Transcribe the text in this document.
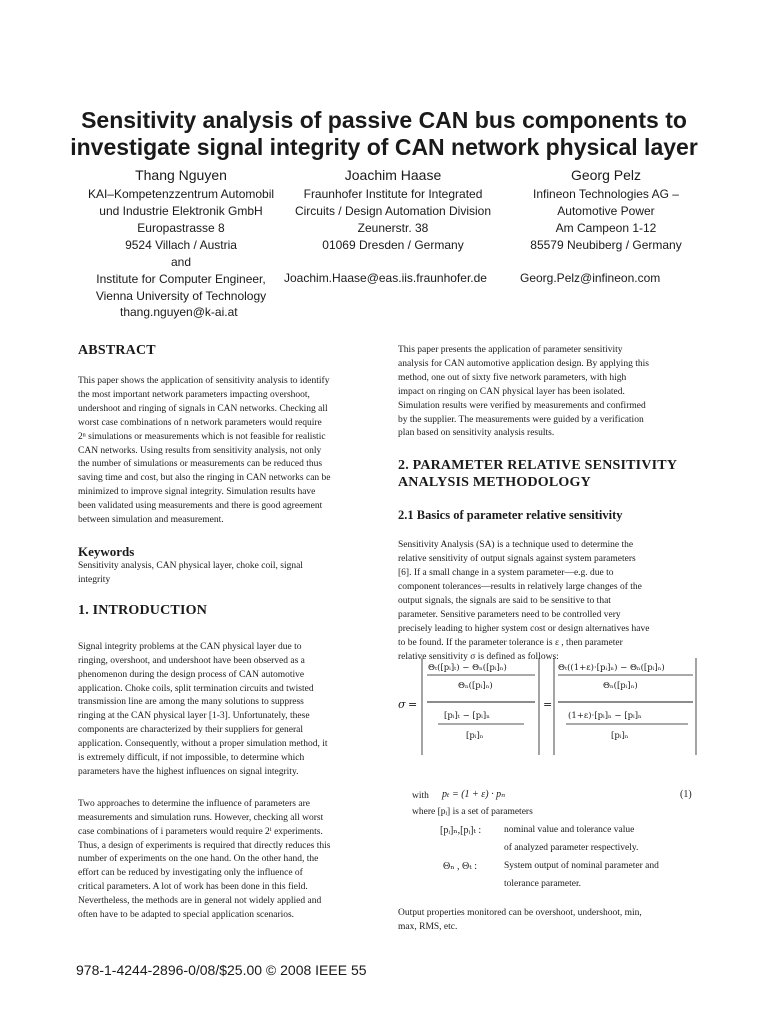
Sensitivity analysis of passive CAN bus components to
investigate signal integrity of CAN network physical layer
Thang Nguyen
KAI–Kompetenzzentrum Automobil
und Industrie Elektronik GmbH
Europastrasse 8
9524 Villach / Austria
and
Institute for Computer Engineer,
Vienna University of Technology
Joachim Haase
Fraunhofer Institute for Integrated
Circuits / Design Automation Division
Zeunerstr. 38
01069 Dresden / Germany
Georg Pelz
Infineon Technologies AG –
Automotive Power
Am Campeon 1-12
85579 Neubiberg / Germany
thang.nguyen@k-ai.at
Joachim.Haase@eas.iis.fraunhofer.de	Georg.Pelz@infineon.com
ABSTRACT
This paper shows the application of sensitivity analysis to identify
the most important network parameters impacting overshoot,
undershoot and ringing of signals in CAN networks. Checking all
worst case combinations of n network parameters would require
2ⁿ simulations or measurements which is not feasible for realistic
CAN networks. Using results from sensitivity analysis, not only
the number of simulations or measurements can be reduced thus
saving time and cost, but also the ringing in CAN networks can be
minimized to improve signal integrity. Simulation results have
been validated using measurements and there is good agreement
between simulation and measurement.
Keywords
Sensitivity analysis, CAN physical layer, choke coil, signal
integrity
1. INTRODUCTION
Signal integrity problems at the CAN physical layer due to
ringing, overshoot, and undershoot have been observed as a
phenomenon during the design process of CAN automotive
application. Choke coils, split termination circuits and twisted
transmission line are among the many solutions to suppress
ringing at the CAN physical layer [1-3]. Unfortunately, these
components are characterized by their suppliers for general
application. Consequently, without a proper simulation method, it
is extremely difficult, if not impossible, to determine which
parameters have the highest influences on signal integrity.
Two approaches to determine the influence of parameters are
measurements and simulation runs. However, checking all worst
case combinations of i parameters would require 2ⁱ experiments.
Thus, a design of experiments is required that directly reduces this
number of experiments on the one hand. On the other hand, the
effort can be reduced by investigating only the influence of
critical parameters. A lot of work has been done in this field.
Nevertheless, the methods are in general not widely applied and
often have to be adapted to special application scenarios.
This paper presents the application of parameter sensitivity
analysis for CAN automotive application design. By applying this
method, one out of sixty five network parameters, with high
impact on ringing on CAN physical layer has been isolated.
Simulation results were verified by measurements and confirmed
by the supplier. The measurements were guided by a verification
plan based on sensitivity analysis results.
2. PARAMETER RELATIVE SENSITIVITY
ANALYSIS METHODOLOGY
2.1 Basics of parameter relative sensitivity
Sensitivity Analysis (SA) is a technique used to determine the
relative sensitivity of output signals against system parameters
[6]. If a small change in a system parameter—e.g. due to
component tolerances—results in relatively large changes of the
output signals, the signals are said to be sensitive to that
parameter. Sensitive parameters need to be controlled very
precisely leading to higher system cost or design alternatives have
to be found. If the parameter tolerance is ε , then parameter
relative sensitivity σ is defined as follows:
σ =
Θₜ([pᵢ]ₜ) − Θₙ([pᵢ]ₙ)
Θₙ([pᵢ]ₙ)
[pᵢ]ₜ − [pᵢ]ₙ
[pᵢ]ₙ
=
Θₜ((1+ε)·[pᵢ]ₙ) − Θₙ([pᵢ]ₙ)
Θₙ([pᵢ]ₙ)
(1+ε)·[pᵢ]ₙ − [pᵢ]ₙ
[pᵢ]ₙ
with pₜ = (1 + ε) · pₙ	(1)
where [pᵢ] is a set of parameters
[pᵢ]ₙ,[pᵢ]ₜ : nominal value and tolerance value
of analyzed parameter respectively.
Θₙ , Θₜ :	System output of nominal parameter and
tolerance parameter.
Output properties monitored can be overshoot, undershoot, min,
max, RMS, etc.
978-1-4244-2896-0/08/$25.00 © 2008 IEEE 55
